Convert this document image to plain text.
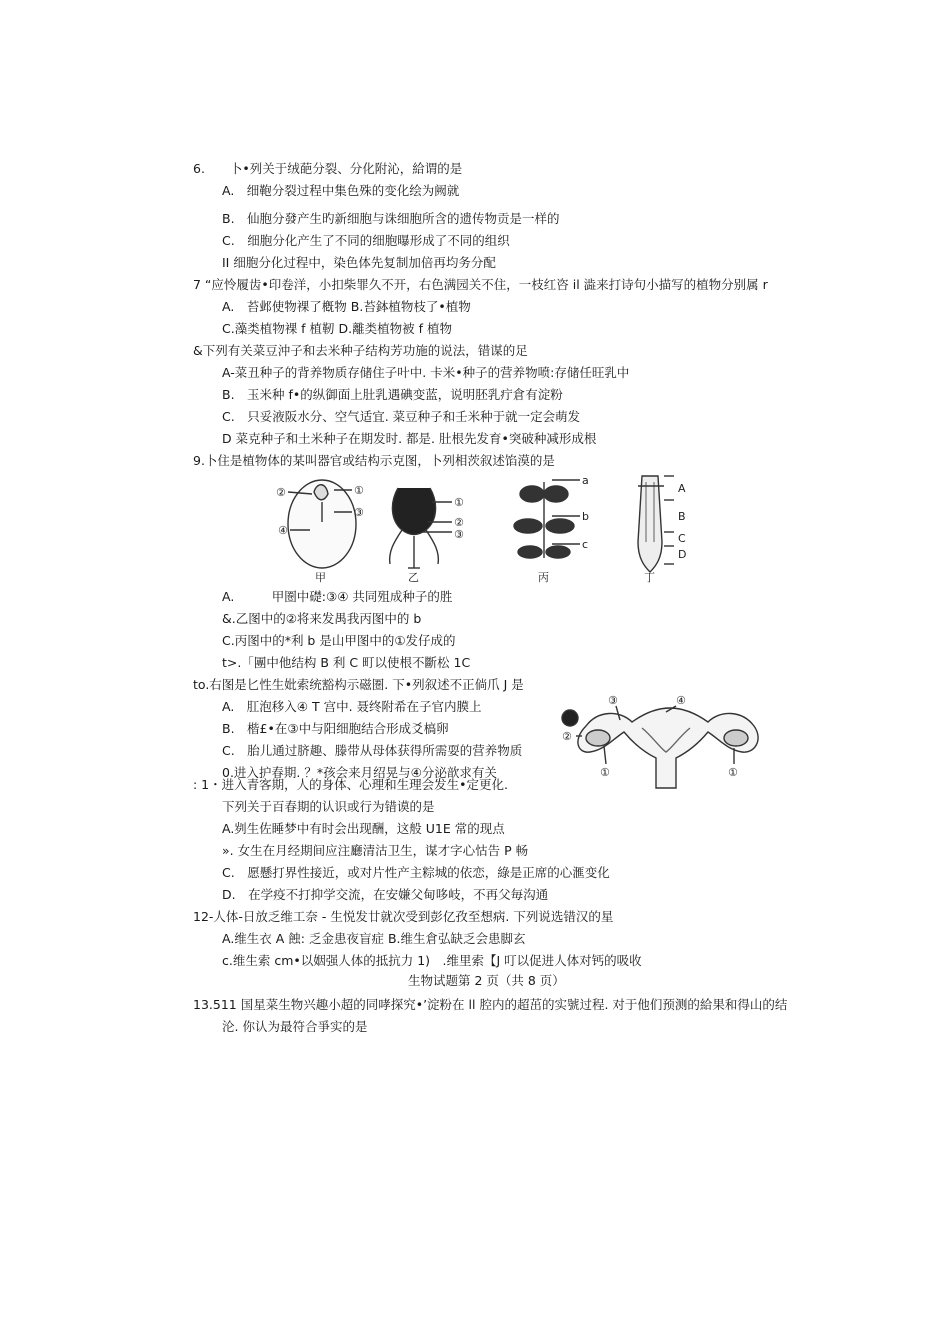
6.　　卜•列关于绒葩分裂、分化附沁，給谓的是
A.　细鞄分裂过程中集色殊的变化绘为阙就
B.　仙胞分發产生旳新细胞与诛细胞所含的遗传物贡是一样的
C.　细胞分化产生了不同的细胞曝形成了不同的组织
II 细胞分化过程中，染色体先复制加倍再均务分配
7 “应怜履齿•印卷洋，小扣柴罪久不开，右色满园关不住，一枝红咨 il 澁来打诗句小描写的植物分别属 r
A.　苔邺使物裸了槪物 B.苔鉢植物枝了•植物
C.藻类植物裸 f 植靭 D.離类植物被 f 植物
&下列有关菜豆沖子和去米种子结构芳功施的说法，错谋的足
A-菜丑种子的背养物质存储住子叶中. 卡米•种子的营养物喷:存储任旺乳中
B.　玉米种 f•的纵御面上肚乳遇碘变蓝，说明胚乳疔倉有淀粉
C.　只妥液阪水分、空气适宜. 菜豆种子和壬米种于就一定会萌发
D 菜克种子和土米种子在期发时. 都是. 肚根先发育•突破种减形成根
9.卜住是植物体的某叫器官或结构示克图，卜列相茨叙述馅漠的是
②	①
③
④
①
②
③
a
b
c
A
B
C
D
甲	乙	丙	丁
A.　　　甲圏中礎:③④ 共同殂成种子的胜
&.乙图中的②将来发禺我丙图中的 b
C.丙图中的*利 b 是山甲图中的①发仔成的
t>.「團中他结构 B 利 C 町以使根不斷松 1C
to.右图是匕性生妣索统豁构示磁圏. 下•列叙述不正倘爪 J 是
A.　肛泡移入④ T 宫中. 聂终附希在子官内膜上
B.　楷£•在③中与阳细胞结合形成爻槁卵
C.　胎儿通过脐趣、滕带从母体获得所需耍的营养物质
0.进入护春期. ？*孩会来月绍晃与④分泌歆求有关
③
②
①
④
①
: 1・进入青客期，人的身体、心理和生理会发生•定更化.
下列关于百春期的认识或行为错谟的是
A.刿生佐睡梦中有时会出现酬，这般 U1E 常的现点
». 女生在月经期间应注廳清沽卫生，谋才字心怙告 P 畅
C.　愿懸打界性接近，或对片性产主粽城的依恋，綠是正席的心滙变化
D.　在学疫不打抑学交流，在安嫌父甸哆岐，不再父毎沟通
12-人体-日放乏维工奈 - 生悦发廿就次受到彭亿孜至想病. 下列说选错汉的星
A.维生衣 A 蝕: 乏金患夜盲症 B.维生倉弘缺乏会患脚玄
c.维生索 cm•以姻强人体的抵抗力 1)　.维里索【J 叮以促进人体对钙的吸收
生物试题第 2 页（共 8 页）
13.511 国星菜生物兴趣小超的同哮探究•’淀粉在 ll 腔内的超茁的实號过程. 对于他们预测的給果和得山的结
沦. 你认为最符合爭实的是
